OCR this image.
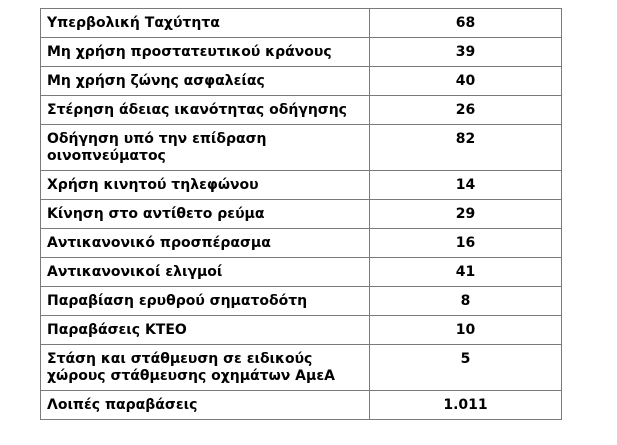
Υπερβολική Ταχύτητα	68
Μη χρήση προστατευτικού κράνους	39
Μη χρήση ζώνης ασφαλείας	40
Στέρηση άδειας ικανότητας οδήγησης	26
Οδήγηση υπό την επίδραση οινοπνεύματος	82
Χρήση κινητού τηλεφώνου	14
Κίνηση στο αντίθετο ρεύμα	29
Αντικανονικό προσπέρασμα	16
Αντικανονικοί ελιγμοί	41
Παραβίαση ερυθρού σηματοδότη	8
Παραβάσεις ΚΤΕΟ	10
Στάση και στάθμευση σε ειδικούς χώρους στάθμευσης οχημάτων ΑμεΑ	5
Λοιπές παραβάσεις	1.011
